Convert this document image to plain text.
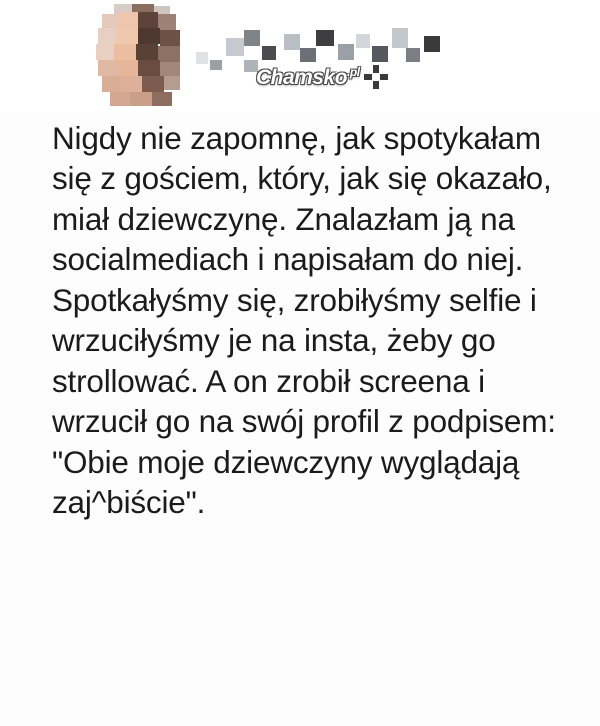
Chamsko$^{.pl}$
Nigdy nie zapomnę, jak spotykałam się z gościem, który, jak się okazało, miał dziewczynę. Znalazłam ją na socialmediach i napisałam do niej. Spotkałyśmy się, zrobiłyśmy selfie i wrzuciłyśmy je na insta, żeby go strollować. A on zrobił screena i wrzucił go na swój profil z podpisem: "Obie moje dziewczyny wyglądają zaj^biście".
